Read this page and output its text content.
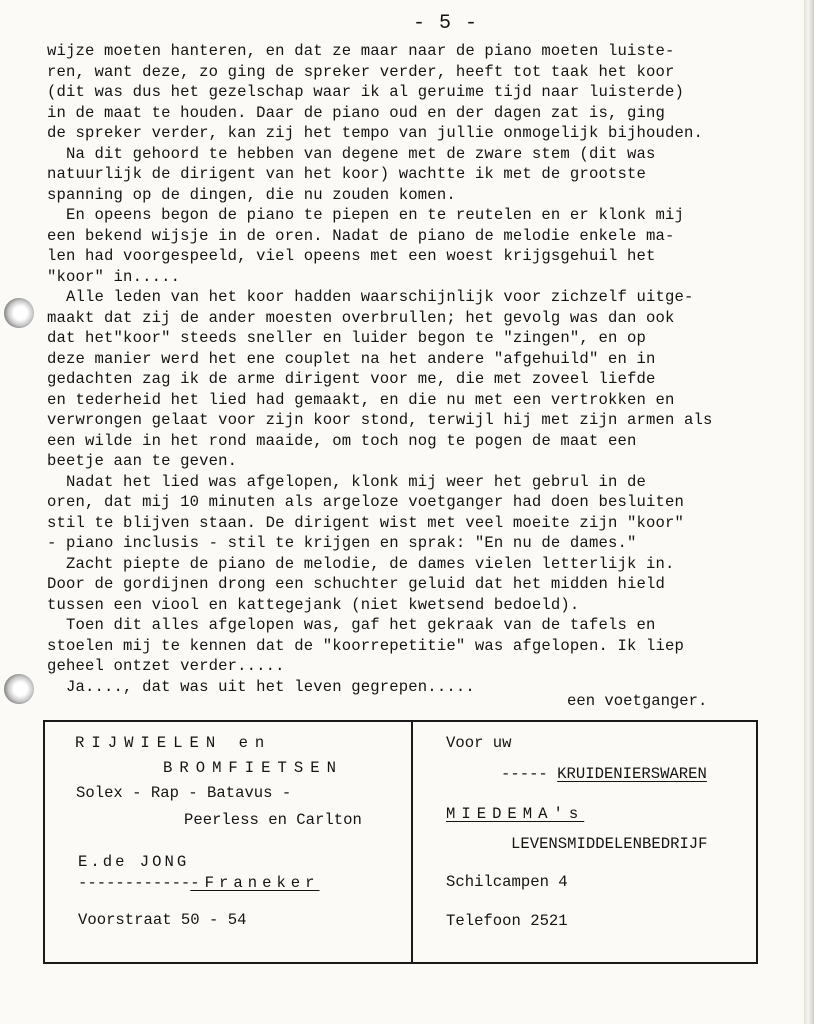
- 5 -
wijze moeten hanteren, en dat ze maar naar de piano moeten luiste-
ren, want deze, zo ging de spreker verder, heeft tot taak het koor
(dit was dus het gezelschap waar ik al geruime tijd naar luisterde)
in de maat te houden. Daar de piano oud en der dagen zat is, ging
de spreker verder, kan zij het tempo van jullie onmogelijk bijhouden.
Na dit gehoord te hebben van degene met de zware stem (dit was
natuurlijk de dirigent van het koor) wachtte ik met de grootste
spanning op de dingen, die nu zouden komen.
En opeens begon de piano te piepen en te reutelen en er klonk mij
een bekend wijsje in de oren. Nadat de piano de melodie enkele ma-
len had voorgespeeld, viel opeens met een woest krijgsgehuil het
"koor" in.....
Alle leden van het koor hadden waarschijnlijk voor zichzelf uitge-
maakt dat zij de ander moesten overbrullen; het gevolg was dan ook
dat het"koor" steeds sneller en luider begon te "zingen", en op
deze manier werd het ene couplet na het andere "afgehuild" en in
gedachten zag ik de arme dirigent voor me, die met zoveel liefde
en tederheid het lied had gemaakt, en die nu met een vertrokken en
verwrongen gelaat voor zijn koor stond, terwijl hij met zijn armen als
een wilde in het rond maaide, om toch nog te pogen de maat een
beetje aan te geven.
Nadat het lied was afgelopen, klonk mij weer het gebrul in de
oren, dat mij 10 minuten als argeloze voetganger had doen besluiten
stil te blijven staan. De dirigent wist met veel moeite zijn "koor"
- piano inclusis - stil te krijgen en sprak: "En nu de dames."
Zacht piepte de piano de melodie, de dames vielen letterlijk in.
Door de gordijnen drong een schuchter geluid dat het midden hield
tussen een viool en kattegejank (niet kwetsend bedoeld).
Toen dit alles afgelopen was, gaf het gekraak van de tafels en
stoelen mij te kennen dat de "koorrepetitie" was afgelopen. Ik liep
geheel ontzet verder.....
Ja...., dat was uit het leven gegrepen.....
een voetganger.
RIJWIELEN en
BROMFIETSEN
Solex - Rap - Batavus -
Peerless en Carlton
E.de JONG
-------------Franeker
Voorstraat 50 - 54
Voor uw
----- KRUIDENIERSWAREN
MIEDEMA's
LEVENSMIDDELENBEDRIJF
Schilcampen 4
Telefoon 2521
